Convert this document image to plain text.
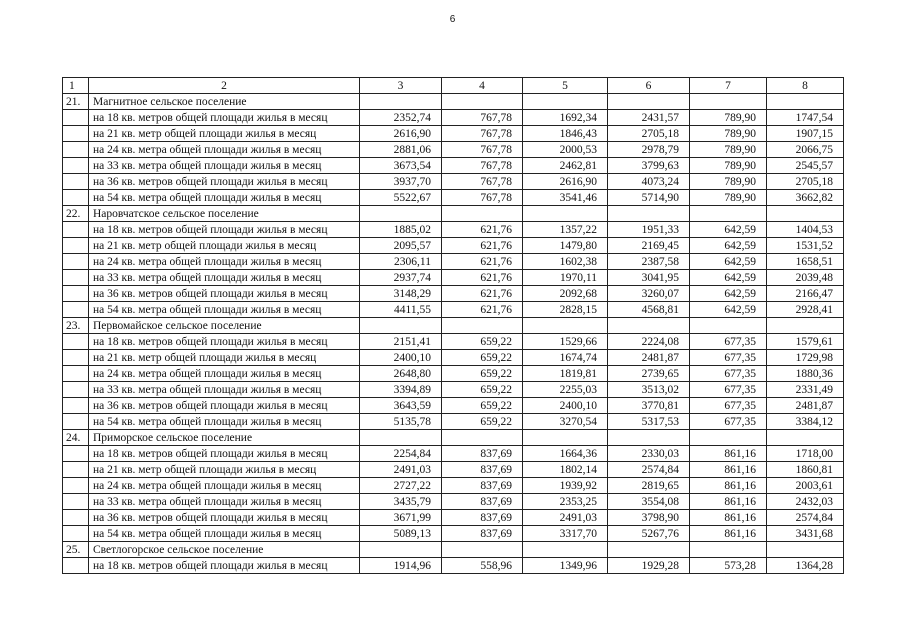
6
1	2	3	4	5	6	7	8
21.	Магнитное сельское поселение						
	на 18 кв. метров общей площади жилья в месяц	2352,74	767,78	1692,34	2431,57	789,90	1747,54
	на 21 кв. метр общей площади жилья в месяц	2616,90	767,78	1846,43	2705,18	789,90	1907,15
	на 24 кв. метра общей площади жилья в месяц	2881,06	767,78	2000,53	2978,79	789,90	2066,75
	на 33 кв. метра общей площади жилья в месяц	3673,54	767,78	2462,81	3799,63	789,90	2545,57
	на 36 кв. метров общей площади жилья в месяц	3937,70	767,78	2616,90	4073,24	789,90	2705,18
	на 54 кв. метра общей площади жилья в месяц	5522,67	767,78	3541,46	5714,90	789,90	3662,82
22.	Наровчатское сельское поселение						
	на 18 кв. метров общей площади жилья в месяц	1885,02	621,76	1357,22	1951,33	642,59	1404,53
	на 21 кв. метр общей площади жилья в месяц	2095,57	621,76	1479,80	2169,45	642,59	1531,52
	на 24 кв. метра общей площади жилья в месяц	2306,11	621,76	1602,38	2387,58	642,59	1658,51
	на 33 кв. метра общей площади жилья в месяц	2937,74	621,76	1970,11	3041,95	642,59	2039,48
	на 36 кв. метров общей площади жилья в месяц	3148,29	621,76	2092,68	3260,07	642,59	2166,47
	на 54 кв. метра общей площади жилья в месяц	4411,55	621,76	2828,15	4568,81	642,59	2928,41
23.	Первомайское сельское поселение						
	на 18 кв. метров общей площади жилья в месяц	2151,41	659,22	1529,66	2224,08	677,35	1579,61
	на 21 кв. метр общей площади жилья в месяц	2400,10	659,22	1674,74	2481,87	677,35	1729,98
	на 24 кв. метра общей площади жилья в месяц	2648,80	659,22	1819,81	2739,65	677,35	1880,36
	на 33 кв. метра общей площади жилья в месяц	3394,89	659,22	2255,03	3513,02	677,35	2331,49
	на 36 кв. метров общей площади жилья в месяц	3643,59	659,22	2400,10	3770,81	677,35	2481,87
	на 54 кв. метра общей площади жилья в месяц	5135,78	659,22	3270,54	5317,53	677,35	3384,12
24.	Приморское сельское поселение						
	на 18 кв. метров общей площади жилья в месяц	2254,84	837,69	1664,36	2330,03	861,16	1718,00
	на 21 кв. метр общей площади жилья в месяц	2491,03	837,69	1802,14	2574,84	861,16	1860,81
	на 24 кв. метра общей площади жилья в месяц	2727,22	837,69	1939,92	2819,65	861,16	2003,61
	на 33 кв. метра общей площади жилья в месяц	3435,79	837,69	2353,25	3554,08	861,16	2432,03
	на 36 кв. метров общей площади жилья в месяц	3671,99	837,69	2491,03	3798,90	861,16	2574,84
	на 54 кв. метра общей площади жилья в месяц	5089,13	837,69	3317,70	5267,76	861,16	3431,68
25.	Светлогорское сельское поселение						
	на 18 кв. метров общей площади жилья в месяц	1914,96	558,96	1349,96	1929,28	573,28	1364,28
